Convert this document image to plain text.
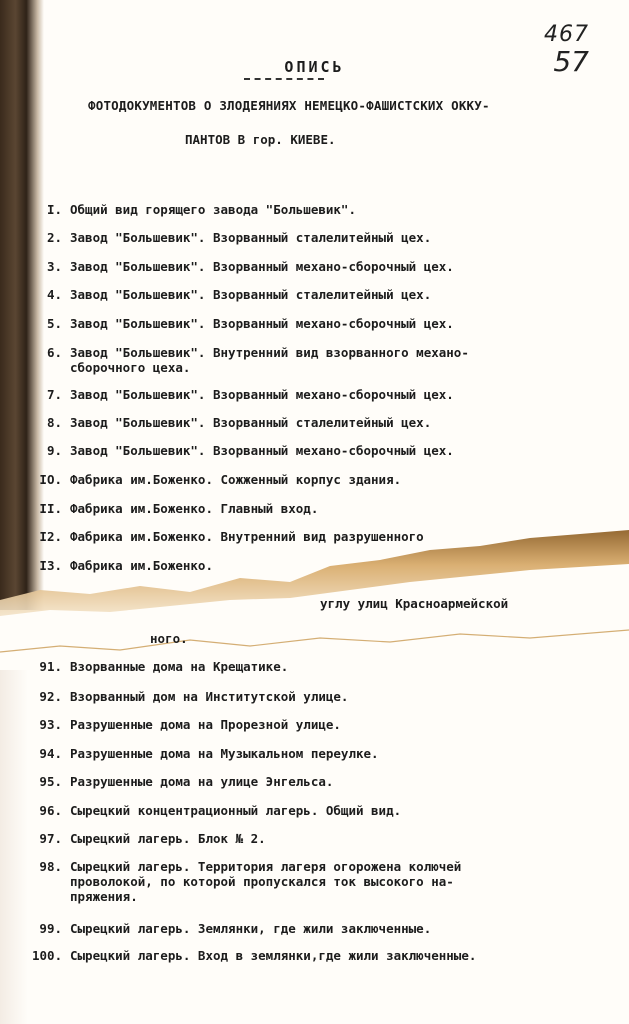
467
57
ОПИСЬ
ФОТОДОКУМЕНТОВ О ЗЛОДЕЯНИЯХ НЕМЕЦКО-ФАШИСТСКИХ ОККУ-
ПАНТОВ В гор. КИЕВЕ.
I. Общий вид горящего завода "Большевик".
2. Завод "Большевик". Взорванный сталелитейный цех.
3. Завод "Большевик". Взорванный механо-сборочный цех.
4. Завод "Большевик". Взорванный сталелитейный цех.
5. Завод "Большевик". Взорванный механо-сборочный цех.
6. Завод "Большевик". Внутренний вид взорванного механо-
сборочного цеха.
7. Завод "Большевик". Взорванный механо-сборочный цех.
8. Завод "Большевик". Взорванный сталелитейный цех.
9. Завод "Большевик". Взорванный механо-сборочный цех.
IO. Фабрика им.Боженко. Сожженный корпус здания.
II. Фабрика им.Боженко. Главный вход.
I2. Фабрика им.Боженко. Внутренний вид разрушенного
I3. Фабрика им.Боженко.
углу улиц Красноармейской
ного.
91. Взорванные дома на Крещатике.
92. Взорванный дом на Институтской улице.
93. Разрушенные дома на Прорезной улице.
94. Разрушенные дома на Музыкальном переулке.
95. Разрушенные дома на улице Энгельса.
96. Сырецкий концентрационный лагерь. Общий вид.
97. Сырецкий лагерь. Блок № 2.
98. Сырецкий лагерь. Территория лагеря огорожена колючей
проволокой, по которой пропускался ток высокого на-
пряжения.
99. Сырецкий лагерь. Землянки, где жили заключенные.
100. Сырецкий лагерь. Вход в землянки,где жили заключенные.
